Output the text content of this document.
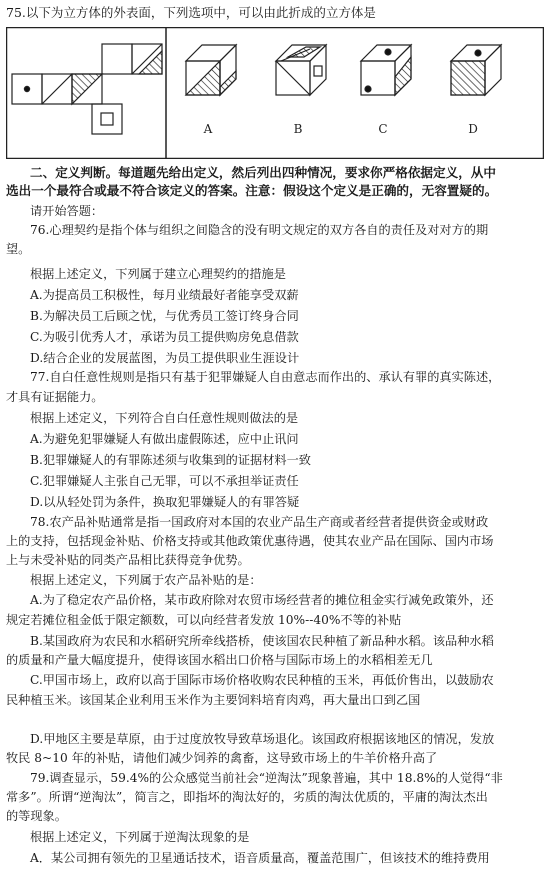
75.以下为立方体的外表面，下列选项中，可以由此折成的立方体是
A	B	C	D
二、定义判断。每道题先给出定义，然后列出四种情况，要求你严格依据定义，从中
选出一个最符合或最不符合该定义的答案。注意：假设这个定义是正确的，无容置疑的。
请开始答题：
76.心理契约是指个体与组织之间隐含的没有明文规定的双方各自的责任及对对方的期
望。
根据上述定义，下列属于建立心理契约的措施是
A.为提高员工积极性，每月业绩最好者能享受双薪
B.为解决员工后顾之忧，与优秀员工签订终身合同
C.为吸引优秀人才，承诺为员工提供购房免息借款
D.结合企业的发展蓝图，为员工提供职业生涯设计
77.自白任意性规则是指只有基于犯罪嫌疑人自由意志而作出的、承认有罪的真实陈述，
才具有证据能力。
根据上述定义，下列符合自白任意性规则做法的是
A.为避免犯罪嫌疑人有做出虚假陈述，应中止讯问
B.犯罪嫌疑人的有罪陈述须与收集到的证据材料一致
C.犯罪嫌疑人主张自己无罪，可以不承担举证责任
D.以从轻处罚为条件，换取犯罪嫌疑人的有罪答疑
78.农产品补贴通常是指一国政府对本国的农业产品生产商或者经营者提供资金或财政
上的支持，包括现金补贴、价格支持或其他政策优惠待遇，使其农业产品在国际、国内市场
上与未受补贴的同类产品相比获得竞争优势。
根据上述定义，下列属于农产品补贴的是：
A.为了稳定农产品价格，某市政府除对农贸市场经营者的摊位租金实行减免政策外，还
规定若摊位租金低于限定额数，可以向经营者发放 10%--40%不等的补贴
B.某国政府为农民和水稻研究所牵线搭桥，使该国农民种植了新品种水稻。该品种水稻
的质量和产量大幅度提升，使得该国水稻出口价格与国际市场上的水稻相差无几
C.甲国市场上，政府以高于国际市场价格收购农民种植的玉米，再低价售出，以鼓励农
民种植玉米。该国某企业利用玉米作为主要饲料培育肉鸡，再大量出口到乙国
D.甲地区主要是草原，由于过度放牧导致草场退化。该国政府根据该地区的情况，发放
牧民 8~10 年的补贴，请他们减少饲养的禽畜，这导致市场上的牛羊价格升高了
79.调查显示，59.4%的公众感觉当前社会“逆淘汰”现象普遍，其中 18.8%的人觉得“非
常多”。所谓“逆淘汰”，简言之，即指坏的淘汰好的，劣质的淘汰优质的，平庸的淘汰杰出
的等现象。
根据上述定义，下列属于逆淘汰现象的是
A．某公司拥有领先的卫星通话技术，语音质量高，覆盖范围广，但该技术的维持费用
